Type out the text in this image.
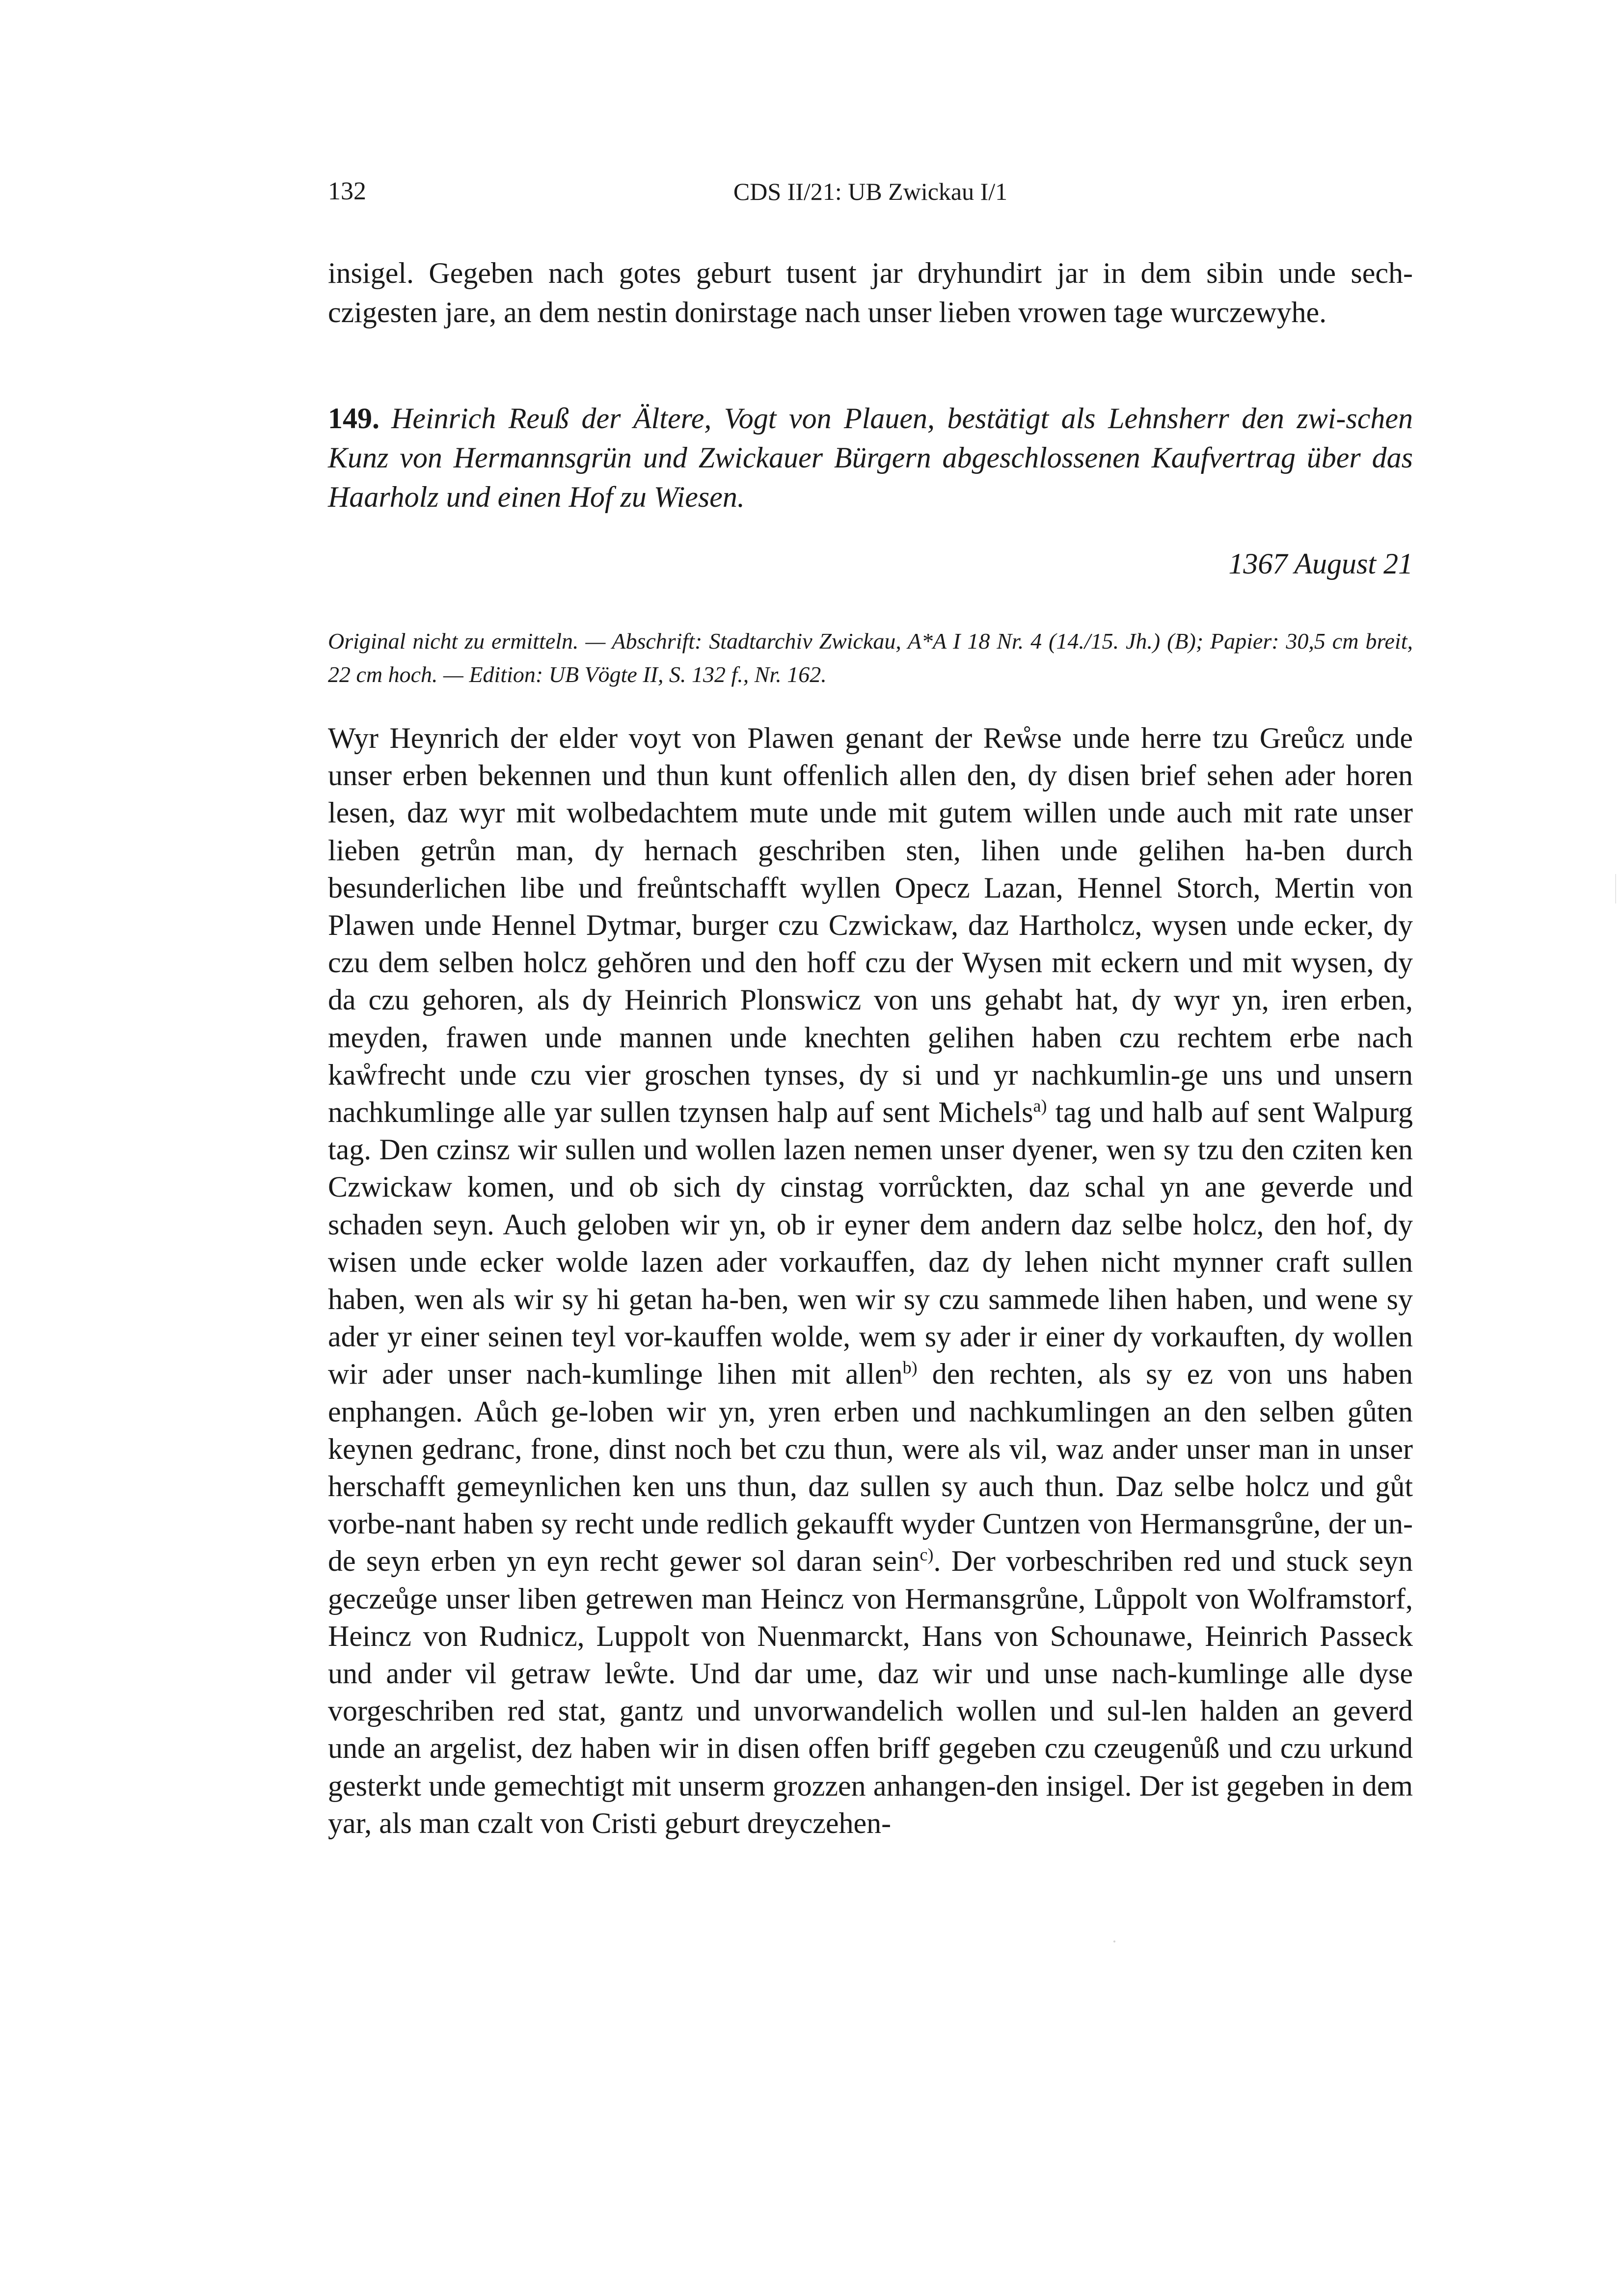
132	CDS II/21: UB Zwickau I/1

insigel. Gegeben nach gotes geburt tusent jar dryhundirt jar in dem sibin unde sech-czigesten jare, an dem nestin donirstage nach unser lieben vrowen tage wurczewyhe.

149. Heinrich Reuß der Ältere, Vogt von Plauen, bestätigt als Lehnsherr den zwi-schen Kunz von Hermannsgrün und Zwickauer Bürgern abgeschlossenen Kaufvertrag über das Haarholz und einen Hof zu Wiesen.

1367 August 21

Original nicht zu ermitteln. — Abschrift: Stadtarchiv Zwickau, A*A I 18 Nr. 4 (14./15. Jh.) (B); Papier: 30,5 cm breit, 22 cm hoch. — Edition: UB Vögte II, S. 132 f., Nr. 162.

Wyr Heynrich der elder voyt von Plawen genant der Reẘse unde herre tzu Greůcz unde unser erben bekennen und thun kunt offenlich allen den, dy disen brief sehen ader horen lesen, daz wyr mit wolbedachtem mute unde mit gutem willen unde auch mit rate unser lieben getrůn man, dy hernach geschriben sten, lihen unde gelihen ha-ben durch besunderlichen libe und freůntschafft wyllen Opecz Lazan, Hennel Storch, Mertin von Plawen unde Hennel Dytmar, burger czu Czwickaw, daz Hartholcz, wysen unde ecker, dy czu dem selben holcz gehŏren und den hoff czu der Wysen mit eckern und mit wysen, dy da czu gehoren, als dy Heinrich Plonswicz von uns gehabt hat, dy wyr yn, iren erben, meyden, frawen unde mannen unde knechten gelihen haben czu rechtem erbe nach kaẘfrecht unde czu vier groschen tynses, dy si und yr nachkumlin-ge uns und unsern nachkumlinge alle yar sullen tzynsen halp auf sent Michels$^{a)}$ tag und halb auf sent Walpurg tag. Den czinsz wir sullen und wollen lazen nemen unser dyener, wen sy tzu den cziten ken Czwickaw komen, und ob sich dy cinstag vorrůckten, daz schal yn ane geverde und schaden seyn. Auch geloben wir yn, ob ir eyner dem andern daz selbe holcz, den hof, dy wisen unde ecker wolde lazen ader vorkauffen, daz dy lehen nicht mynner craft sullen haben, wen als wir sy hi getan ha-ben, wen wir sy czu sammede lihen haben, und wene sy ader yr einer seinen teyl vor-kauffen wolde, wem sy ader ir einer dy vorkauften, dy wollen wir ader unser nach-kumlinge lihen mit allen$^{b)}$ den rechten, als sy ez von uns haben enphangen. Aůch ge-loben wir yn, yren erben und nachkumlingen an den selben gůten keynen gedranc, frone, dinst noch bet czu thun, were als vil, waz ander unser man in unser herschafft gemeynlichen ken uns thun, daz sullen sy auch thun. Daz selbe holcz und gůt vorbe-nant haben sy recht unde redlich gekaufft wyder Cuntzen von Hermansgrůne, der un-de seyn erben yn eyn recht gewer sol daran sein$^{c)}$. Der vorbeschriben red und stuck seyn geczeůge unser liben getrewen man Heincz von Hermansgrůne, Lůppolt von Wolframstorf, Heincz von Rudnicz, Luppolt von Nuenmarckt, Hans von Schounawe, Heinrich Passeck und ander vil getraw leẘte. Und dar ume, daz wir und unse nach-kumlinge alle dyse vorgeschriben red stat, gantz und unvorwandelich wollen und sul-len halden an geverd unde an argelist, dez haben wir in disen offen briff gegeben czu czeugenůß und czu urkund gesterkt unde gemechtigt mit unserm grozzen anhangen-den insigel. Der ist gegeben in dem yar, als man czalt von Cristi geburt dreyczehen-
